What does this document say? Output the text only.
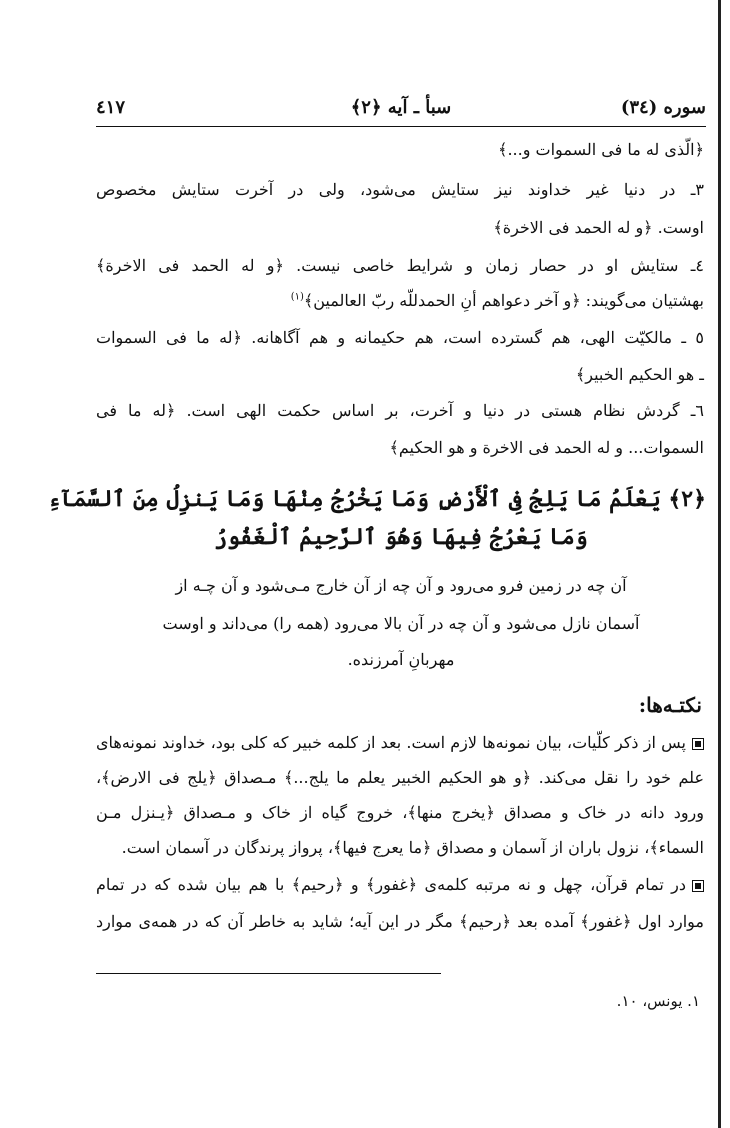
سوره (۳٤)
سبأ ـ آیه ﴿۲﴾
٤١٧
﴿الّذی له ما فی السموات و...﴾
۳ـ در دنیا غیر خداوند نیز ستایش می‌شود، ولی در آخرت ستایش مخصوص
اوست. ﴿و له الحمد فی الاخرة﴾
٤ـ ستایش او در حصار زمان و شرایط خاصی نیست. ﴿و له الحمد فی الاخرة﴾
بهشتیان می‌گویند: ﴿و آخر دعواهم أنِ الحمدللّه ربّ العالمین﴾$^{(١)}$
٥ ـ مالکیّت الهی، هم گسترده است، هم حکیمانه و هم آگاهانه. ﴿له ما فی السموات
ـ هو الحکیم الخبیر﴾
٦ـ گردش نظام هستی در دنیا و آخرت، بر اساس حکمت الهی است. ﴿له ما فی
السموات... و له الحمد فی الاخرة و هو الحکیم﴾
﴿۲﴾ یَعْلَمُ مَا یَلِجُ فِی ٱلْأَرْضِ وَمَا یَخْرُجُ مِنْهَا وَمَا یَنزِلُ مِنَ ٱلسَّمَآءِ
وَمَا یَعْرُجُ فِیهَا وَهُوَ ٱلرَّحِیمُ ٱلْغَفُورُ
آن چه در زمین فرو می‌رود و آن چه از آن خارج مـی‌شود و آن چـه از
آسمان نازل می‌شود و آن چه در آن بالا می‌رود (همه را) می‌داند و اوست
مهربانِ آمرزنده.
نکتـه‌ها:
پس از ذکر کلّیات، بیان نمونه‌ها لازم است. بعد از کلمه خبیر که کلی بود، خداوند نمونه‌های
علم خود را نقل می‌کند. ﴿و هو الحکیم الخبیر یعلم ما یلج...﴾ مـصداق ﴿یلج فی الارض﴾،
ورود دانه در خاک و مصداق ﴿یخرج منها﴾، خروج گیاه از خاک و مـصداق ﴿یـنزل مـن
السماء﴾، نزول باران از آسمان و مصداق ﴿ما یعرج فیها﴾، پرواز پرندگان در آسمان است.
در تمام قرآن، چهل و نه مرتبه کلمه‌ی ﴿غفور﴾ و ﴿رحیم﴾ با هم بیان شده که در تمام
موارد اول ﴿غفور﴾ آمده بعد ﴿رحیم﴾ مگر در این آیه؛ شاید به خاطر آن که در همه‌ی موارد
١. یونس، ١٠.
